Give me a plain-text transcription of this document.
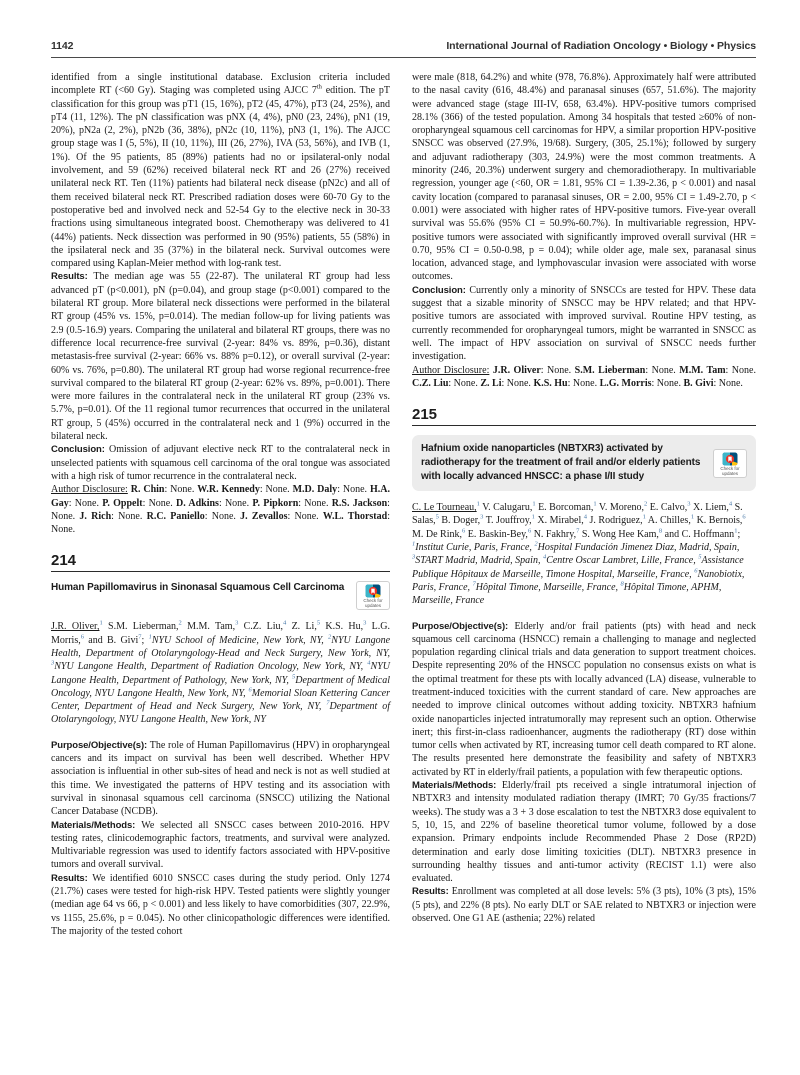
1142	International Journal of Radiation Oncology • Biology • Physics

identified from a single institutional database. Exclusion criteria included incomplete RT (<60 Gy). Staging was completed using AJCC 7th edition. The pT classification for this group was pT1 (15, 16%), pT2 (45, 47%), pT3 (24, 25%), and pT4 (11, 12%). The pN classification was pNX (4, 4%), pN0 (23, 24%), pN1 (19, 20%), pN2a (2, 2%), pN2b (36, 38%), pN2c (10, 11%), pN3 (1, 1%). The AJCC group stage was I (5, 5%), II (10, 11%), III (26, 27%), IVA (53, 56%), and IVB (1, 1%). Of the 95 patients, 85 (89%) patients had no or ipsilateral-only nodal involvement, and 59 (62%) received bilateral neck RT and 26 (27%) received unilateral neck RT. Ten (11%) patients had bilateral neck disease (pN2c) and all of them received bilateral neck RT. Prescribed radiation doses were 60-70 Gy to the postoperative bed and involved neck and 52-54 Gy to the elective neck in 30-33 fractions using simultaneous integrated boost. Chemotherapy was delivered to 41 (44%) patients. Neck dissection was performed in 90 (95%) patients, 55 (58%) in the ipsilateral neck and 35 (37%) in the bilateral neck. Survival outcomes were compared using Kaplan-Meier method with log-rank test.

Results: The median age was 55 (22-87). The unilateral RT group had less advanced pT (p<0.001), pN (p=0.04), and group stage (p<0.001) compared to the bilateral RT group. More bilateral neck dissections were performed in the bilateral RT group (45% vs. 15%, p=0.014). The median follow-up for living patients was 2.9 (0.5-16.9) years. Comparing the unilateral and bilateral RT groups, there was no difference local recurrence-free survival (2-year: 84% vs. 89%, p=0.36), distant metastasis-free survival (2-year: 66% vs. 88% p=0.12), or overall survival (2-year: 60% vs. 76%, p=0.80). The unilateral RT group had worse regional recurrence-free survival compared to the bilateral RT group (2-year: 62% vs. 89%, p=0.001). There were more failures in the contralateral neck in the unilateral RT group (23% vs. 5.7%, p=0.01). Of the 11 regional tumor recurrences that occurred in the unilateral RT group, 5 (45%) occurred in the contralateral neck and 1 (9%) occurred in the bilateral neck.

Conclusion: Omission of adjuvant elective neck RT to the contralateral neck in unselected patients with squamous cell carcinoma of the oral tongue was associated with a high risk of tumor recurrence in the contralateral neck.

Author Disclosure: R. Chin: None. W.R. Kennedy: None. M.D. Daly: None. H.A. Gay: None. P. Oppelt: None. D. Adkins: None. P. Pipkorn: None. R.S. Jackson: None. J. Rich: None. R.C. Paniello: None. J. Zevallos: None. W.L. Thorstad: None.

214
Human Papillomavirus in Sinonasal Squamous Cell Carcinoma
Check for updates

J.R. Oliver,$^1$ S.M. Lieberman,$^2$ M.M. Tam,$^3$ C.Z. Liu,$^4$ Z. Li,$^5$ K.S. Hu,$^3$ L.G. Morris,$^6$ and B. Givi$^7$; $^1$NYU School of Medicine, New York, NY, $^2$NYU Langone Health, Department of Otolaryngology-Head and Neck Surgery, New York, NY, $^3$NYU Langone Health, Department of Radiation Oncology, New York, NY, $^4$NYU Langone Health, Department of Pathology, New York, NY, $^5$Department of Medical Oncology, NYU Langone Health, New York, NY, $^6$Memorial Sloan Kettering Cancer Center, Department of Head and Neck Surgery, New York, NY, $^7$Department of Otolaryngology, NYU Langone Health, New York, NY

Purpose/Objective(s): The role of Human Papillomavirus (HPV) in oropharyngeal cancers and its impact on survival has been well described. Whether HPV association is influential in other sub-sites of head and neck is not as well studied at this time. We investigated the patterns of HPV testing and its association with survival in sinonasal squamous cell carcinoma (SNSCC) utilizing the National Cancer Database (NCDB).

Materials/Methods: We selected all SNSCC cases between 2010-2016. HPV testing rates, clinicodemographic factors, treatments, and survival were analyzed. Multivariable regression was used to identify factors associated with HPV-positive tumors and overall survival.

Results: We identified 6010 SNSCC cases during the study period. Only 1274 (21.7%) cases were tested for high-risk HPV. Tested patients were slightly younger (median age 64 vs 66, p < 0.001) and less likely to have comorbidities (307, 22.9%, vs 1155, 25.6%, p = 0.045). No other clinicopathologic differences were identified. The majority of the tested cohort

were male (818, 64.2%) and white (978, 76.8%). Approximately half were attributed to the nasal cavity (616, 48.4%) and paranasal sinuses (657, 51.6%). The majority were advanced stage (stage III-IV, 658, 63.4%). HPV-positive tumors comprised 28.1% (366) of the tested population. Among 34 hospitals that tested ≥60% of non-oropharyngeal squamous cell carcinomas for HPV, a similar proportion HPV-positive SNSCC was observed (27.9%, 19/68). Surgery, (305, 25.1%); followed by surgery and adjuvant radiotherapy (303, 24.9%) were the most common treatments. A minority (246, 20.3%) underwent surgery and chemoradiotherapy. In multivariable regression, younger age (<60, OR = 1.81, 95% CI = 1.39-2.36, p < 0.001) and nasal cavity location (compared to paranasal sinuses, OR = 2.00, 95% CI = 1.49-2.70, p < 0.001) were associated with higher rates of HPV-positive tumors. Five-year overall survival was 55.6% (95% CI = 50.9%-60.7%). In multivariable regression, HPV-positive tumors were associated with significantly improved overall survival (HR = 0.70, 95% CI = 0.50-0.98, p = 0.04); while older age, male sex, paranasal sinus location, advanced stage, and lymphovascular invasion were associated with worse outcomes.

Conclusion: Currently only a minority of SNSCCs are tested for HPV. These data suggest that a sizable minority of SNSCC may be HPV related; and that HPV-positive tumors are associated with improved survival. Routine HPV testing, as currently recommended for oropharyngeal tumors, might be warranted in SNSCC as well. The impact of HPV association on survival of SNSCC needs further investigation.

Author Disclosure: J.R. Oliver: None. S.M. Lieberman: None. M.M. Tam: None. C.Z. Liu: None. Z. Li: None. K.S. Hu: None. L.G. Morris: None. B. Givi: None.

215
Hafnium oxide nanoparticles (NBTXR3) activated by radiotherapy for the treatment of frail and/or elderly patients with locally advanced HNSCC: a phase I/II study
Check for updates

C. Le Tourneau,$^1$ V. Calugaru,$^1$ E. Borcoman,$^1$ V. Moreno,$^2$ E. Calvo,$^3$ X. Liem,$^4$ S. Salas,$^5$ B. Doger,$^3$ T. Jouffroy,$^1$ X. Mirabel,$^4$ J. Rodriguez,$^1$ A. Chilles,$^1$ K. Bernois,$^6$ M. De Rink,$^6$ E. Baskin-Bey,$^6$ N. Fakhry,$^7$ S. Wong Hee Kam,$^8$ and C. Hoffmann$^1$; $^1$Institut Curie, Paris, France, $^2$Hospital Fundación Jimenez Diaz, Madrid, Spain, $^3$START Madrid, Madrid, Spain, $^4$Centre Oscar Lambret, Lille, France, $^5$Assistance Publique Hôpitaux de Marseille, Timone Hospital, Marseille, France, $^6$Nanobiotix, Paris, France, $^7$Hôpital Timone, Marseille, France, $^8$Hôpital Timone, APHM, Marseille, France

Purpose/Objective(s): Elderly and/or frail patients (pts) with head and neck squamous cell carcinoma (HSNCC) remain a challenging to manage and neglected population regarding clinical trials and data generation to support treatment choices. Despite representing 20% of the HNSCC population no consensus exists on what is the optimal treatment for these pts with locally advanced (LA) disease, vulnerable to treatment-induced toxicities with the current standard of care. New approaches are needed to improve clinical outcomes without adding toxicity. NBTXR3 hafnium oxide nanoparticles injected intratumorally may represent such an option. Otherwise inert; this first-in-class radioenhancer, augments the radiotherapy (RT) dose within tumor cells when activated by RT, increasing tumor cell death compared to RT alone. The results presented here demonstrate the feasibility and safety of NBTXR3 activated by RT in elderly/frail patients, a population with few therapeutic options.

Materials/Methods: Elderly/frail pts received a single intratumoral injection of NBTXR3 and intensity modulated radiation therapy (IMRT; 70 Gy/35 fractions/7 weeks). The study was a 3 + 3 dose escalation to test the NBTXR3 dose equivalent to 5, 10, 15, and 22% of baseline theoretical tumor volume, followed by a dose expansion. Primary endpoints include Recommended Phase 2 Dose (RP2D) determination and early dose limiting toxicities (DLT). NBTXR3 presence in surrounding healthy tissues and anti-tumor activity (RECIST 1.1) were also evaluated.

Results: Enrollment was completed at all dose levels: 5% (3 pts), 10% (3 pts), 15% (5 pts), and 22% (8 pts). No early DLT or SAE related to NBTXR3 or injection were observed. One G1 AE (asthenia; 22%) related
